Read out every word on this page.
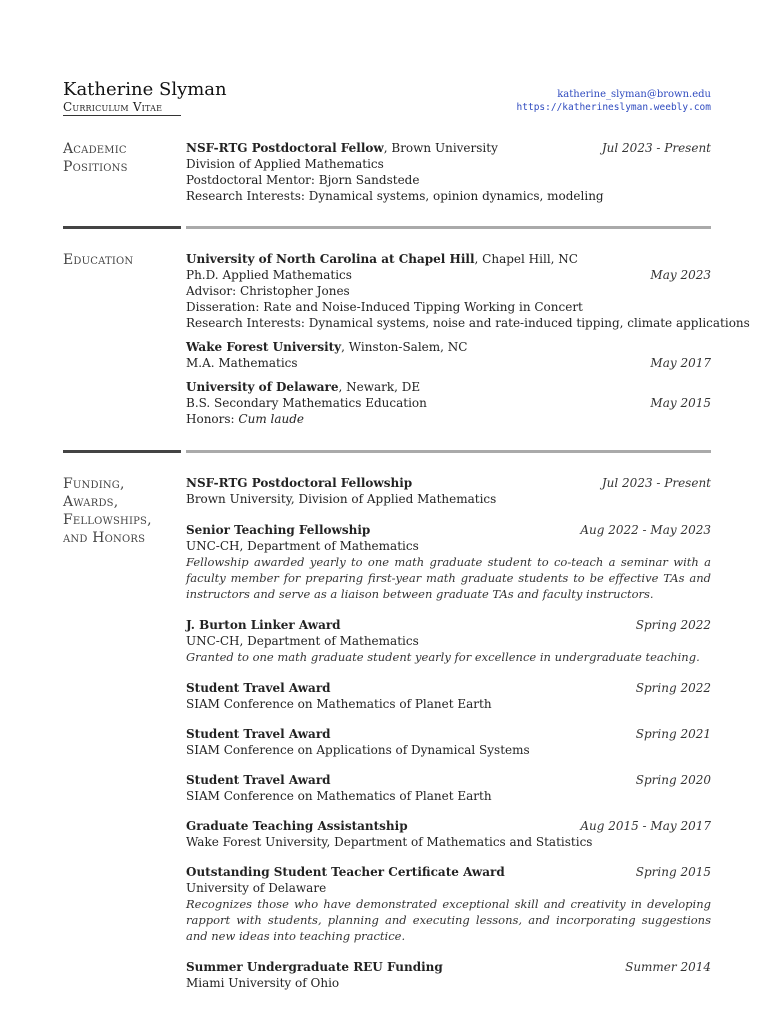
Katherine Slyman
Curriculum Vitae
katherine_slyman@brown.edu
https://katherineslyman.weebly.com
Academic Positions
NSF-RTG Postdoctoral Fellow, Brown University	Jul 2023 - Present
Division of Applied Mathematics
Postdoctoral Mentor: Bjorn Sandstede
Research Interests: Dynamical systems, opinion dynamics, modeling
Education	University of North Carolina at Chapel Hill, Chapel Hill, NC
Ph.D. Applied Mathematics	May 2023
Advisor: Christopher Jones
Disseration: Rate and Noise-Induced Tipping Working in Concert
Research Interests: Dynamical systems, noise and rate-induced tipping, climate applications
Wake Forest University, Winston-Salem, NC
M.A. Mathematics	May 2017
University of Delaware, Newark, DE
B.S. Secondary Mathematics Education	May 2015
Honors: Cum laude
Funding,
Awards,
Fellowships,
and Honors
NSF-RTG Postdoctoral Fellowship	Jul 2023 - Present
Brown University, Division of Applied Mathematics
Senior Teaching Fellowship	Aug 2022 - May 2023
UNC-CH, Department of Mathematics
Fellowship awarded yearly to one math graduate student to co-teach a seminar with a faculty member for preparing first-year math graduate students to be effective TAs and instructors and serve as a liaison between graduate TAs and faculty instructors.
J. Burton Linker Award	Spring 2022
UNC-CH, Department of Mathematics
Granted to one math graduate student yearly for excellence in undergraduate teaching.
Student Travel Award	Spring 2022
SIAM Conference on Mathematics of Planet Earth
Student Travel Award	Spring 2021
SIAM Conference on Applications of Dynamical Systems
Student Travel Award	Spring 2020
SIAM Conference on Mathematics of Planet Earth
Graduate Teaching Assistantship	Aug 2015 - May 2017
Wake Forest University, Department of Mathematics and Statistics
Outstanding Student Teacher Certificate Award	Spring 2015
University of Delaware
Recognizes those who have demonstrated exceptional skill and creativity in developing rapport with students, planning and executing lessons, and incorporating suggestions and new ideas into teaching practice.
Summer Undergraduate REU Funding	Summer 2014
Miami University of Ohio
